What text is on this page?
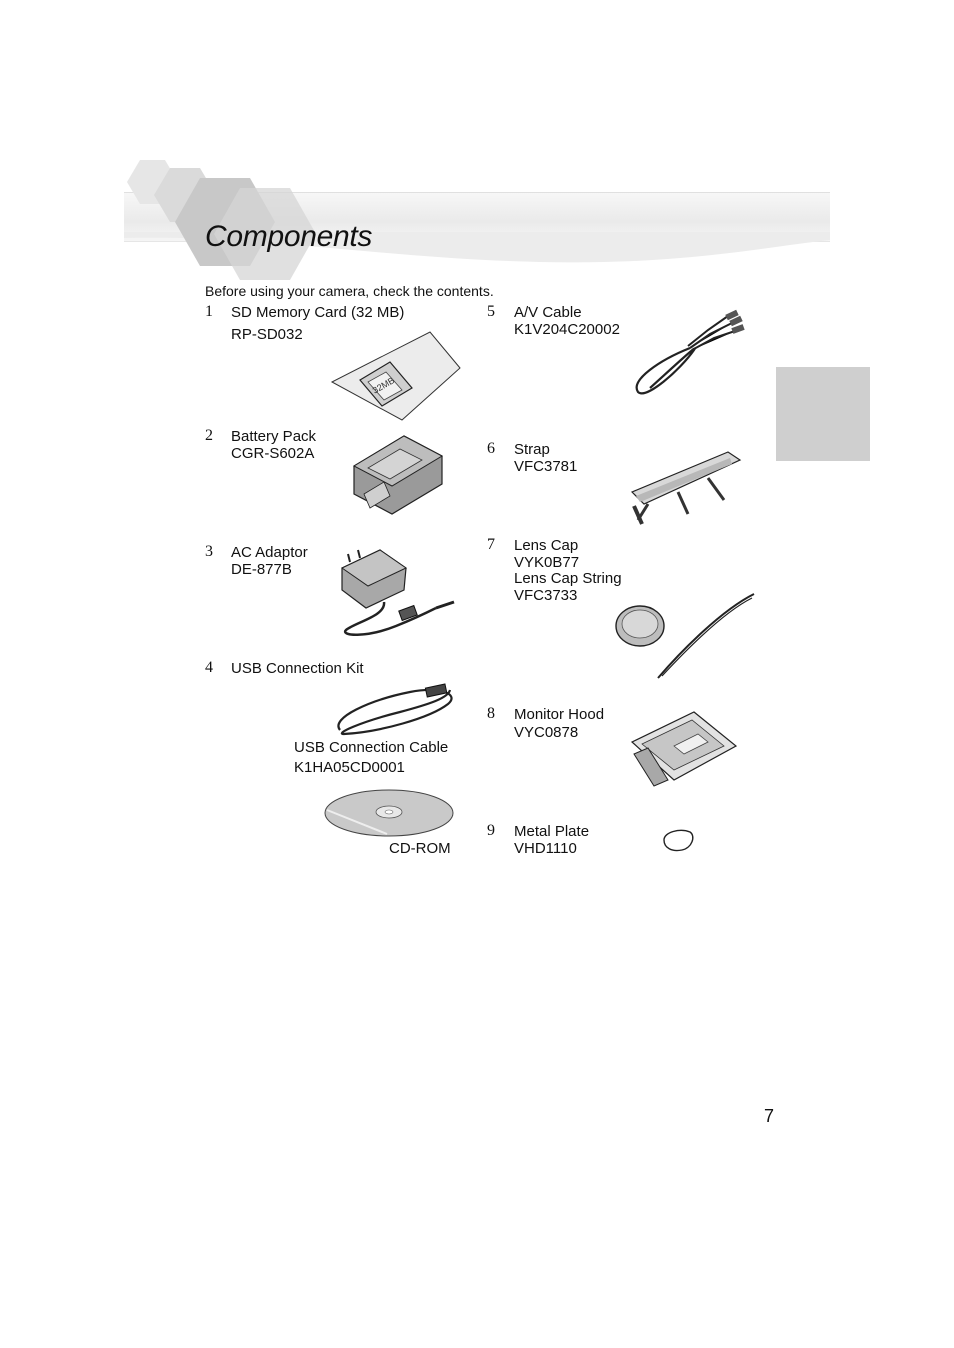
Components
Before using your camera, check the contents.
1 SD Memory Card (32 MB)
RP-SD032
32MB
2 Battery Pack
CGR-S602A
3 AC Adaptor
DE-877B
4 USB Connection Kit
USB Connection Cable
K1HA05CD0001
CD-ROM
5 A/V Cable
K1V204C20002
6 Strap
VFC3781
7 Lens Cap
VYK0B77
Lens Cap String
VFC3733
8 Monitor Hood
VYC0878
9 Metal Plate
VHD1110
7
